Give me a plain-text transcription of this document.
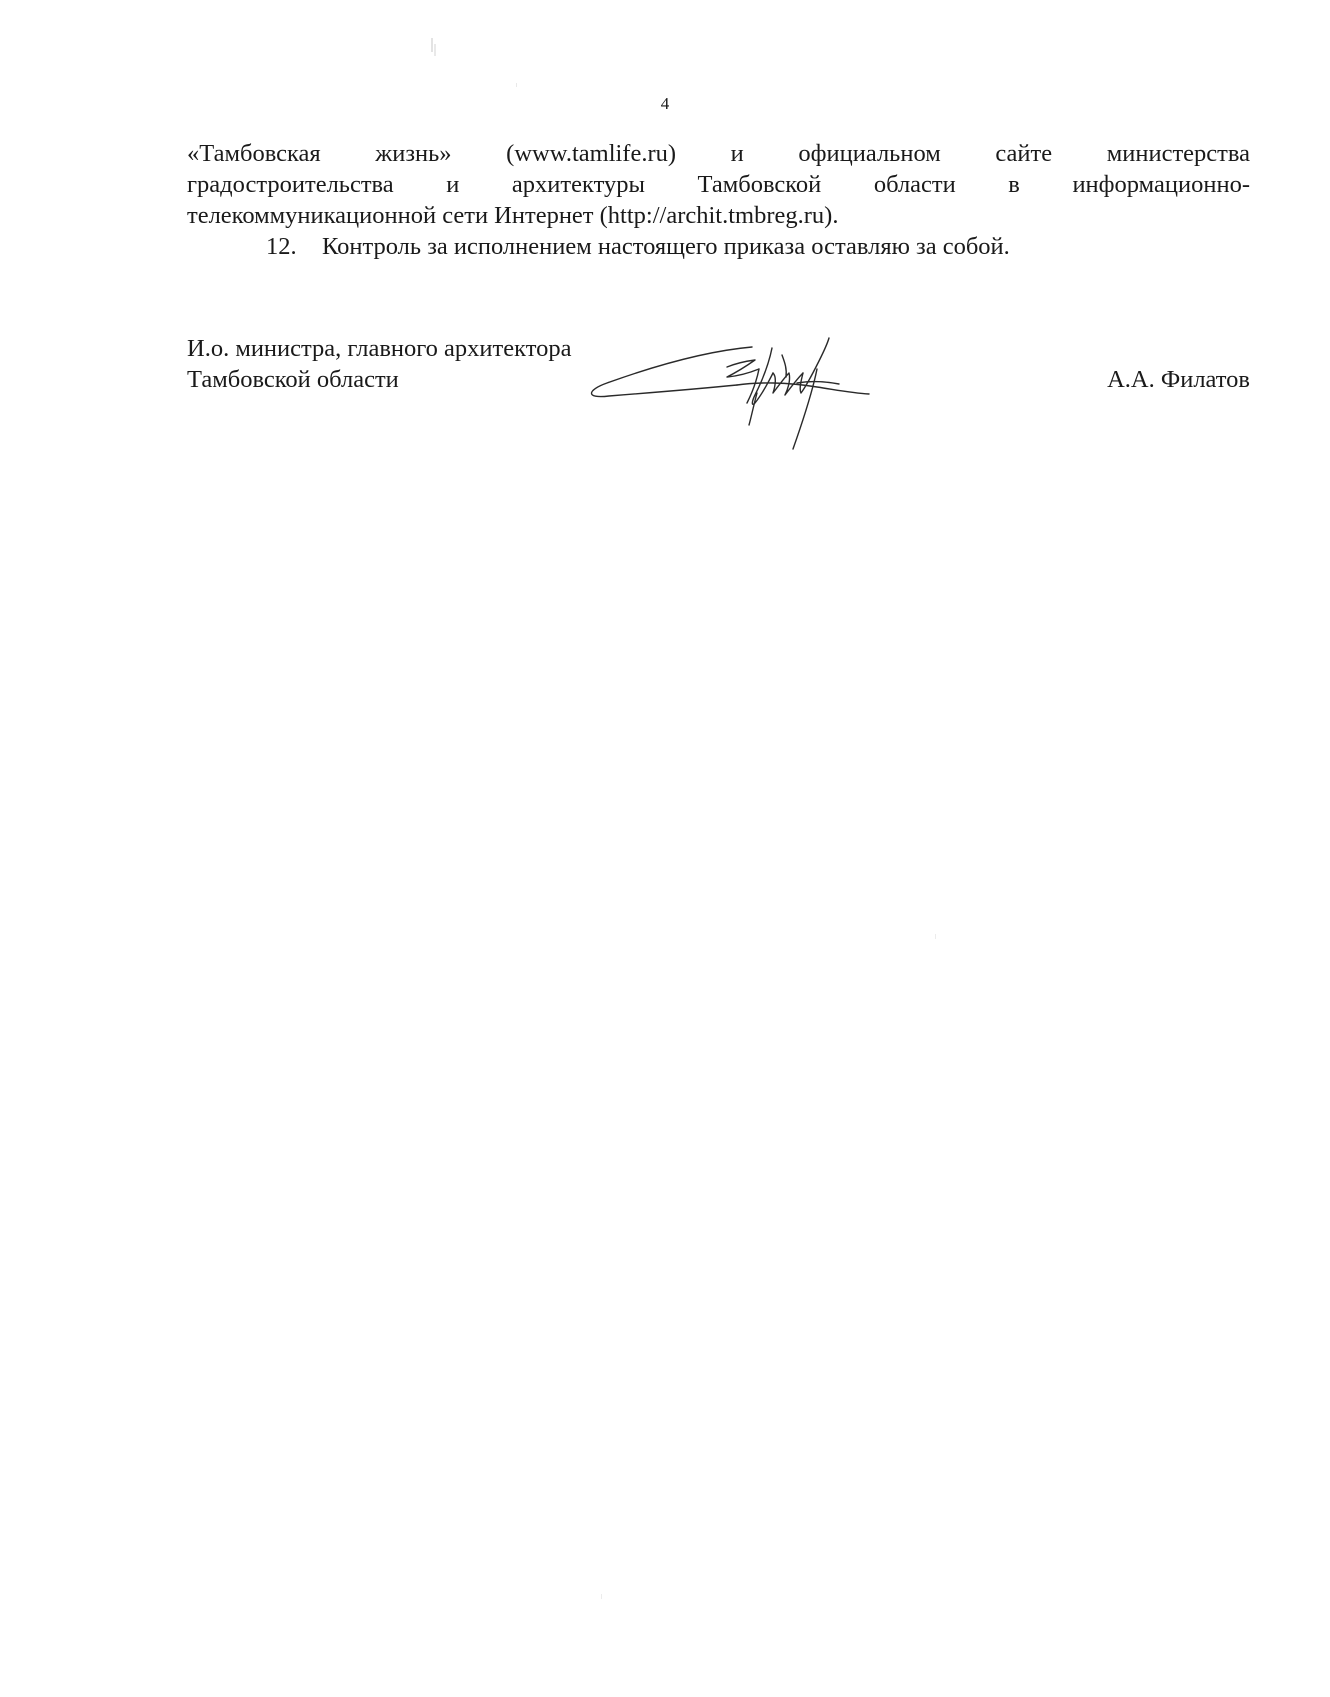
4

«Тамбовская жизнь» (www.tamlife.ru) и официальном сайте министерства

градостроительства и архитектуры Тамбовской области в информационно-

телекоммуникационной сети Интернет (http://archit.tmbreg.ru).

12. Контроль за исполнением настоящего приказа оставляю за собой.

И.о. министра, главного архитектора
Тамбовской области	А.А. Филатов
